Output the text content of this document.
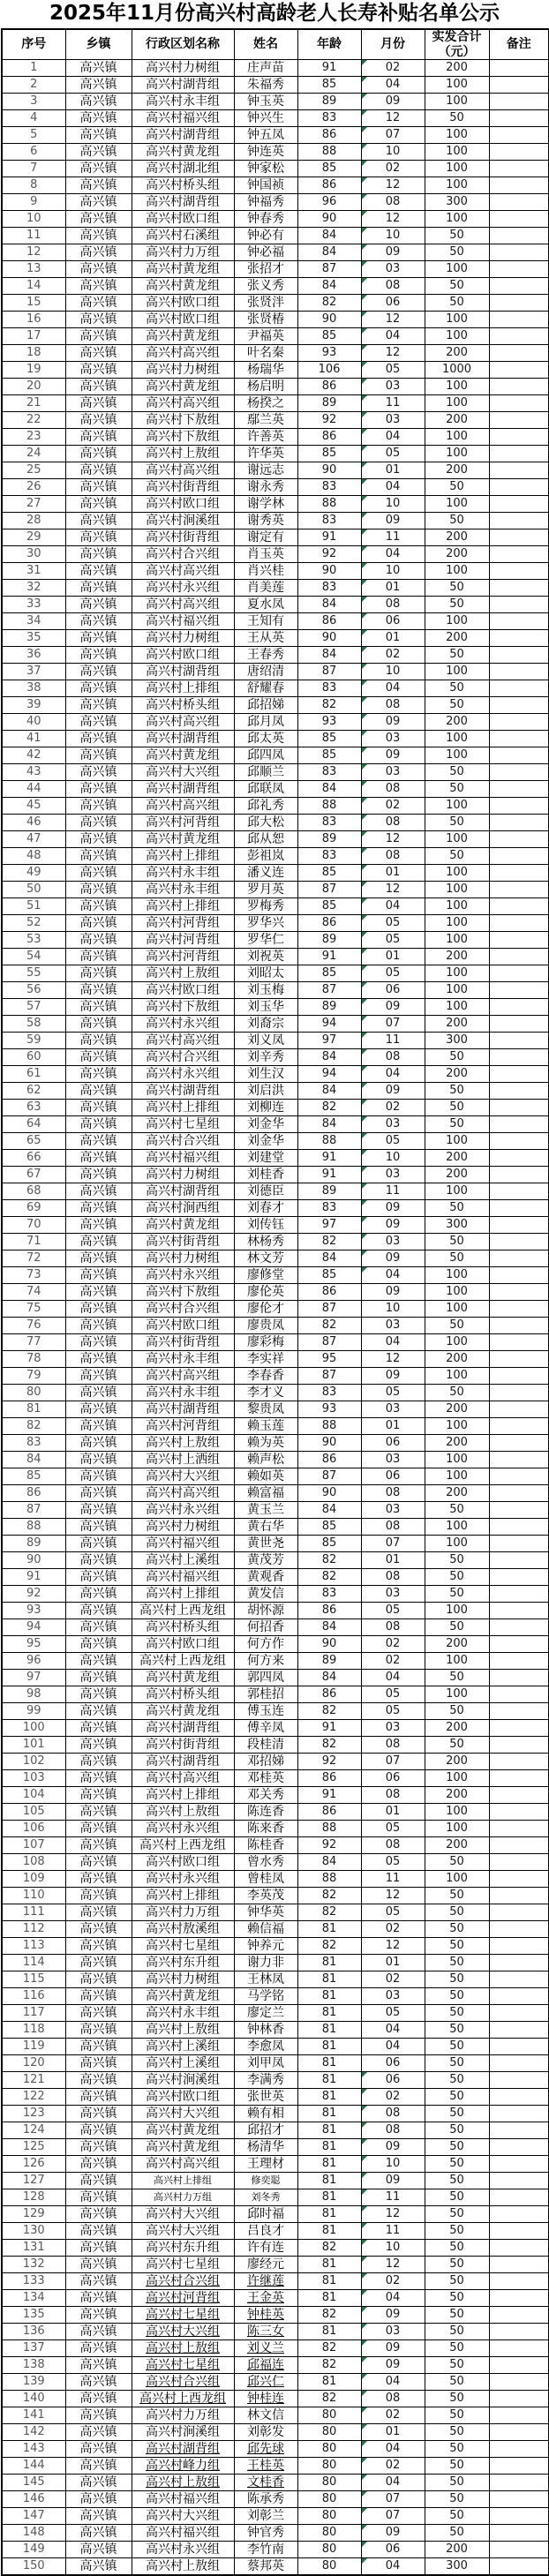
2025年11月份高兴村高龄老人长寿补贴名单公示
序号	乡镇	行政区划名称	姓名	年龄	月份	实发合计（元）	备注
1	高兴镇	高兴村力树组	庄声苗	91	02	200	
2	高兴镇	高兴村湖背组	朱福秀	85	04	100	
3	高兴镇	高兴村永丰组	钟玉英	89	09	100	
4	高兴镇	高兴村福兴组	钟兴生	83	12	50	
5	高兴镇	高兴村湖背组	钟五凤	86	07	100	
6	高兴镇	高兴村黄龙组	钟连英	88	10	100	
7	高兴镇	高兴村湖北组	钟家松	85	02	100	
8	高兴镇	高兴村桥头组	钟国祯	86	12	100	
9	高兴镇	高兴村湖背组	钟福秀	96	08	300	
10	高兴镇	高兴村欧口组	钟春秀	90	12	100	
11	高兴镇	高兴村石溪组	钟必有	84	10	50	
12	高兴镇	高兴村力万组	钟必福	84	09	50	
13	高兴镇	高兴村黄龙组	张招才	87	03	100	
14	高兴镇	高兴村黄龙组	张义秀	84	08	50	
15	高兴镇	高兴村欧口组	张贤泮	82	06	50	
16	高兴镇	高兴村欧口组	张贤椿	90	12	100	
17	高兴镇	高兴村黄龙组	尹福英	85	04	100	
18	高兴镇	高兴村高兴组	叶名秦	93	12	200	
19	高兴镇	高兴村力树组	杨瑞华	106	05	1000	
20	高兴镇	高兴村黄龙组	杨启明	86	03	100	
21	高兴镇	高兴村高兴组	杨揆之	89	11	100	
22	高兴镇	高兴村下敖组	鄢兰英	92	03	200	
23	高兴镇	高兴村下敖组	许善英	86	04	100	
24	高兴镇	高兴村上敖组	许华英	85	05	100	
25	高兴镇	高兴村高兴组	谢远志	90	01	200	
26	高兴镇	高兴村街背组	谢永秀	83	04	50	
27	高兴镇	高兴村欧口组	谢学林	88	10	100	
28	高兴镇	高兴村涧溪组	谢秀英	83	09	50	
29	高兴镇	高兴村街背组	谢定有	91	11	200	
30	高兴镇	高兴村合兴组	肖玉英	92	04	200	
31	高兴镇	高兴村高兴组	肖兴桂	90	10	100	
32	高兴镇	高兴村永兴组	肖美莲	83	01	50	
33	高兴镇	高兴村高兴组	夏水凤	84	08	50	
34	高兴镇	高兴村福兴组	王知有	86	06	100	
35	高兴镇	高兴村力树组	王从英	90	01	200	
36	高兴镇	高兴村欧口组	王春秀	84	02	50	
37	高兴镇	高兴村湖背组	唐绍清	87	10	100	
38	高兴镇	高兴村上排组	舒耀春	83	04	50	
39	高兴镇	高兴村桥头组	邱招娣	82	08	50	
40	高兴镇	高兴村高兴组	邱月凤	93	09	200	
41	高兴镇	高兴村湖背组	邱太英	85	03	100	
42	高兴镇	高兴村黄龙组	邱四凤	85	09	100	
43	高兴镇	高兴村大兴组	邱顺兰	83	03	50	
44	高兴镇	高兴村湖背组	邱联凤	84	08	50	
45	高兴镇	高兴村高兴组	邱礼秀	88	02	100	
46	高兴镇	高兴村河背组	邱大松	83	08	50	
47	高兴镇	高兴村黄龙组	邱从恕	89	12	100	
48	高兴镇	高兴村上排组	彭祖岚	83	08	50	
49	高兴镇	高兴村永丰组	潘义连	85	01	100	
50	高兴镇	高兴村永丰组	罗月英	87	12	100	
51	高兴镇	高兴村上排组	罗梅秀	85	04	100	
52	高兴镇	高兴村河背组	罗华兴	86	05	100	
53	高兴镇	高兴村河背组	罗华仁	89	05	100	
54	高兴镇	高兴村河背组	刘祝英	91	01	200	
55	高兴镇	高兴村上敖组	刘昭太	85	05	100	
56	高兴镇	高兴村欧口组	刘玉梅	87	06	100	
57	高兴镇	高兴村下敖组	刘玉华	89	09	100	
58	高兴镇	高兴村永兴组	刘裔宗	94	07	200	
59	高兴镇	高兴村高兴组	刘义凤	97	11	300	
60	高兴镇	高兴村合兴组	刘辛秀	84	08	50	
61	高兴镇	高兴村永兴组	刘生汉	94	04	200	
62	高兴镇	高兴村湖背组	刘启洪	84	09	50	
63	高兴镇	高兴村上排组	刘柳连	82	02	50	
64	高兴镇	高兴村七星组	刘金华	84	03	50	
65	高兴镇	高兴村合兴组	刘金华	88	05	100	
66	高兴镇	高兴村福兴组	刘建堂	91	10	200	
67	高兴镇	高兴村力树组	刘桂香	91	03	200	
68	高兴镇	高兴村湖背组	刘德臣	89	11	100	
69	高兴镇	高兴村涧西组	刘春才	83	09	50	
70	高兴镇	高兴村黄龙组	刘传钰	97	09	300	
71	高兴镇	高兴村街背组	林杨秀	82	03	50	
72	高兴镇	高兴村力树组	林文芳	84	09	50	
73	高兴镇	高兴村永兴组	廖修堂	85	04	100	
74	高兴镇	高兴村下敖组	廖伦英	86	09	100	
75	高兴镇	高兴村合兴组	廖伦才	87	10	100	
76	高兴镇	高兴村欧口组	廖贵凤	82	03	50	
77	高兴镇	高兴村街背组	廖彩梅	87	04	100	
78	高兴镇	高兴村永丰组	李实祥	95	12	200	
79	高兴镇	高兴村高兴组	李春香	87	09	100	
80	高兴镇	高兴村永丰组	李才义	83	05	50	
81	高兴镇	高兴村湖背组	黎贵凤	93	03	200	
82	高兴镇	高兴村河背组	赖玉莲	88	01	100	
83	高兴镇	高兴村上敖组	赖为英	90	06	200	
84	高兴镇	高兴村上洒组	赖声松	86	03	100	
85	高兴镇	高兴村大兴组	赖如英	87	06	100	
86	高兴镇	高兴村高兴组	赖富福	90	08	200	
87	高兴镇	高兴村永兴组	黄玉兰	84	03	50	
88	高兴镇	高兴村力树组	黄右华	85	08	100	
89	高兴镇	高兴村福兴组	黄世尧	85	07	100	
90	高兴镇	高兴村上溪组	黄茂芳	82	01	50	
91	高兴镇	高兴村福兴组	黄观香	82	08	50	
92	高兴镇	高兴村上排组	黄发信	83	03	50	
93	高兴镇	高兴村上西龙组	胡怀源	86	05	100	
94	高兴镇	高兴村桥头组	何招香	84	08	50	
95	高兴镇	高兴村欧口组	何方作	90	02	200	
96	高兴镇	高兴村上西龙组	何方来	89	02	100	
97	高兴镇	高兴村黄龙组	郭四凤	84	04	50	
98	高兴镇	高兴村桥头组	郭桂招	86	05	100	
99	高兴镇	高兴村黄龙组	傅玉连	82	05	50	
100	高兴镇	高兴村湖背组	傅辛凤	91	03	200	
101	高兴镇	高兴村街背组	段桂清	82	08	50	
102	高兴镇	高兴村湖背组	邓招娣	92	07	200	
103	高兴镇	高兴村高兴组	邓桂英	86	06	100	
104	高兴镇	高兴村上排组	邓关秀	91	08	200	
105	高兴镇	高兴村上敖组	陈连香	86	01	100	
106	高兴镇	高兴村永兴组	陈来香	88	05	100	
107	高兴镇	高兴村上西龙组	陈桂香	92	08	200	
108	高兴镇	高兴村欧口组	曾水秀	84	05	50	
109	高兴镇	高兴村永兴组	曾桂凤	88	11	100	
110	高兴镇	高兴村上排组	李英茂	82	12	50	
111	高兴镇	高兴村力万组	钟华英	82	05	50	
112	高兴镇	高兴村敖溪组	赖信福	81	02	50	
113	高兴镇	高兴村七星组	钟养元	82	12	50	
114	高兴镇	高兴村东升组	谢力非	81	01	50	
115	高兴镇	高兴村力树组	王林凤	81	02	50	
116	高兴镇	高兴村黄龙组	马学铭	81	03	50	
117	高兴镇	高兴村永丰组	廖定兰	81	05	50	
118	高兴镇	高兴村上敖组	钟林香	81	04	50	
119	高兴镇	高兴村上溪组	李愈凤	81	04	50	
120	高兴镇	高兴村上溪组	刘甲凤	81	06	50	
121	高兴镇	高兴村涧溪组	李满秀	81	06	50	
122	高兴镇	高兴村欧口组	张世英	81	02	50	
123	高兴镇	高兴村大兴组	赖有相	81	08	50	
124	高兴镇	高兴村黄龙组	邱招才	81	08	50	
125	高兴镇	高兴村黄龙组	杨清华	81	09	50	
126	高兴镇	高兴村高兴组	王理材	81	10	50	
127	高兴镇	高兴村上排组	修奕聪	81	09	50	
128	高兴镇	高兴村力万组	刘冬秀	81	11	50	
129	高兴镇	高兴村大兴组	邱时福	81	12	50	
130	高兴镇	高兴村大兴组	吕良才	81	11	50	
131	高兴镇	高兴村东升组	许有连	82	10	50	
132	高兴镇	高兴村七星组	廖经元	81	12	50	
133	高兴镇	高兴村合兴组	许继莲	81	02	50	
134	高兴镇	高兴村河背组	王金英	81	04	50	
135	高兴镇	高兴村七星组	钟桂英	82	09	50	
136	高兴镇	高兴村大兴组	陈三女	81	03	50	
137	高兴镇	高兴村上敖组	刘义兰	82	09	50	
138	高兴镇	高兴村七星组	邱福连	82	09	50	
139	高兴镇	高兴村合兴组	邱兴仁	81	04	50	
140	高兴镇	高兴村上西龙组	钟桂连	82	08	50	
141	高兴镇	高兴村力万组	林文信	80	02	50	
142	高兴镇	高兴村涧溪组	刘彰发	80	01	50	
143	高兴镇	高兴村湖背组	邱先球	80	04	50	
144	高兴镇	高兴村峰力组	王桂英	80	02	50	
145	高兴镇	高兴村上敖组	文桂香	80	04	50	
146	高兴镇	高兴村福兴组	陈承秀	80	07	50	
147	高兴镇	高兴村大兴组	刘彰兰	80	07	50	
148	高兴镇	高兴村福兴组	钟官秀	80	09	50	
149	高兴镇	高兴村永兴组	李竹南	80	06	200	
150	高兴镇	高兴村上敖组	蔡邦英	80	04	300	
